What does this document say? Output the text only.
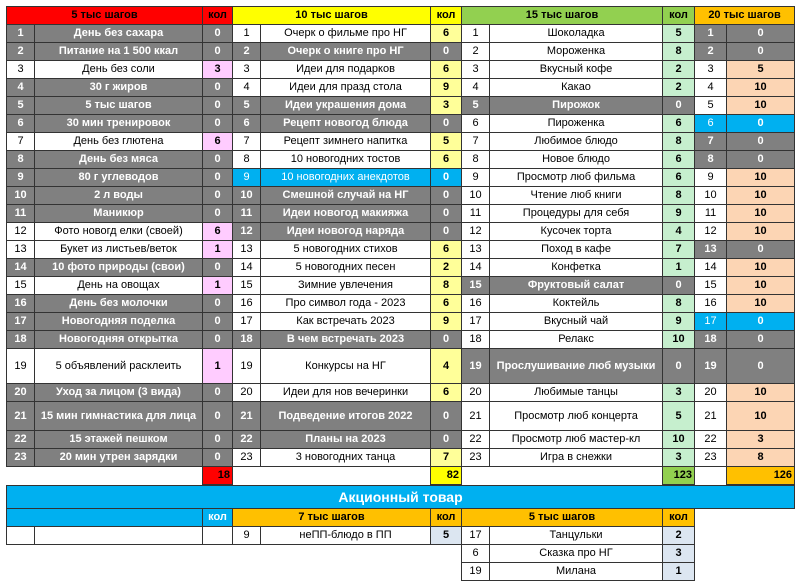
5 тыс шагов		кол	10 тыс шагов		кол	15 тыс шагов		кол	20 тыс шагов	
1	День без сахара	0	1	Очерк о фильме про НГ	6	1	Шоколадка	5	1	0
2	Питание на 1 500 ккал	0	2	Очерк о книге про НГ	0	2	Мороженка	8	2	0
3	День без соли	3	3	Идеи для подарков	6	3	Вкусный кофе	2	3	5
4	30 г жиров	0	4	Идеи для празд стола	9	4	Какао	2	4	10
5	5 тыс шагов	0	5	Идеи украшения дома	3	5	Пирожок	0	5	10
6	30 мин тренировок	0	6	Рецепт новогод блюда	0	6	Пироженка	6	6	0
7	День без глютена	6	7	Рецепт зимнего напитка	5	7	Любимое блюдо	8	7	0
8	День без мяса	0	8	10 новогодних тостов	6	8	Новое блюдо	6	8	0
9	80 г углеводов	0	9	10 новогодних анекдотов	0	9	Просмотр люб фильма	6	9	10
10	2 л воды	0	10	Смешной случай на НГ	0	10	Чтение люб книги	8	10	10
11	Маникюр	0	11	Идеи новогод макияжа	0	11	Процедуры для себя	9	11	10
12	Фото новогд елки (своей)	6	12	Идеи новогод наряда	0	12	Кусочек торта	4	12	10
13	Букет из листьев/веток	1	13	5 новогодних стихов	6	13	Поход в кафе	7	13	0
14	10 фото природы (свои)	0	14	5 новогодних песен	2	14	Конфетка	1	14	10
15	День на овощах	1	15	Зимние увлечения	8	15	Фруктовый салат	0	15	10
16	День без молочки	0	16	Про символ года - 2023	6	16	Коктейль	8	16	10
17	Новогодняя поделка	0	17	Как встречать 2023	9	17	Вкусный чай	9	17	0
18	Новогодняя открытка	0	18	В чем встречать 2023	0	18	Релакс	10	18	0
19	5 объявлений расклеить	1	19	Конкурсы на НГ	4	19	Прослушивание люб музыки	0	19	0
20	Уход за лицом (3 вида)	0	20	Идеи для нов вечеринки	6	20	Любимые танцы	3	20	10
21	15 мин гимнастика для лица	0	21	Подведение итогов 2022	0	21	Просмотр люб концерта	5	21	10
22	15 этажей пешком	0	22	Планы на 2023	0	22	Просмотр люб мастер-кл	10	22	3
23	20 мин утрен зарядки	0	23	3 новогодних танца	7	23	Игра в снежки	3	23	8
		18			82			123		126
Акционный товар									
		кол	7 тыс шагов		кол	5 тыс шагов		кол	
			9	неПП-блюдо в ПП	5	17	Танцульки	2	
						6	Сказка про НГ	3	
						19	Милана	1	
